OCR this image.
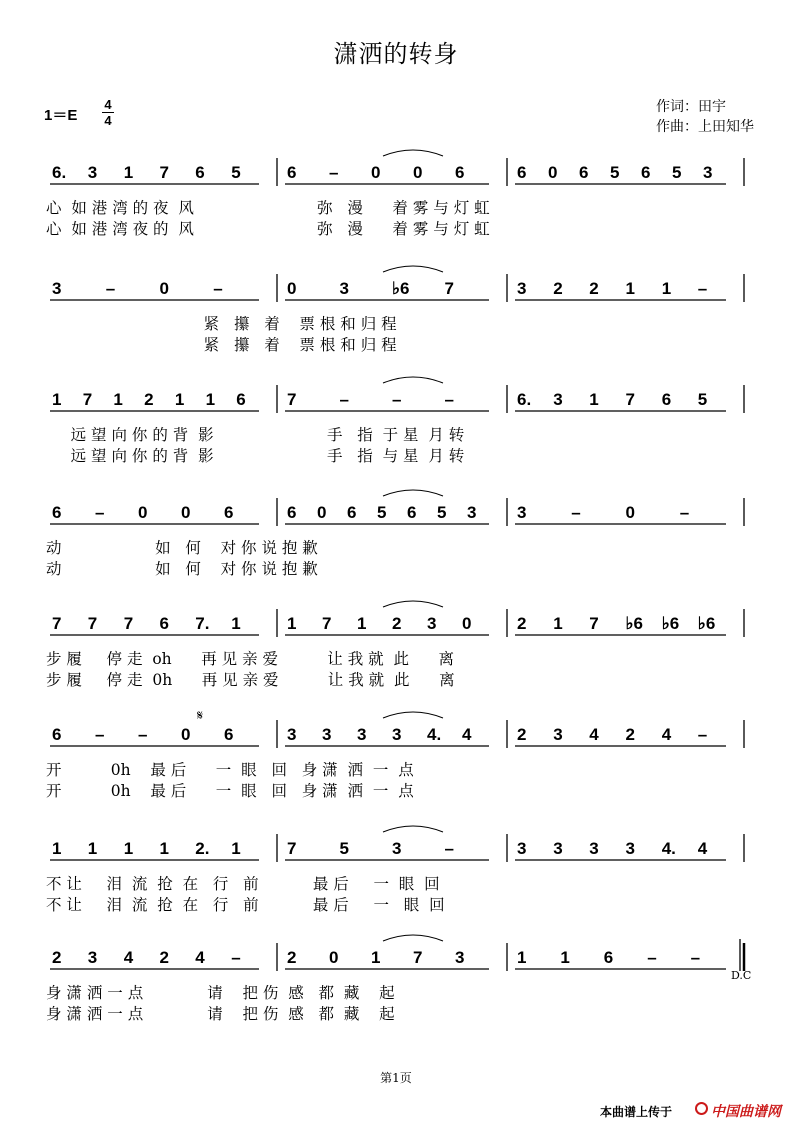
潇洒的转身
1＝E
4
4
作词：田宇
作曲：上田知华
6. 3 1 7 6 5	6 – 0 0 6	6 0 6 5 6 5 3
心  如 港 湾 的 夜  风                         弥   漫      着 雾 与 灯 虹
心  如 港 湾 夜 的  风                         弥   漫      着 雾 与 灯 虹
3	–	0	–	0	3	♭6 7	3 2 2 1 1 –
紧   攥   着    票 根 和 归 程
紧   攥   着    票 根 和 归 程
1 7 1 2 1 1 6 7	–	–	–	6. 3 1 7 6 5
远 望 向 你 的 背  影                       手   指  于 星  月 转
远 望 向 你 的 背  影                       手   指  与 星  月 转
6 – 0 0 6	6 0 6 5 6 5 3 3	–	0	–
动                   如   何    对 你 说 抱 歉
动                   如   何    对 你 说 抱 歉
7 7 7 6 7. 1	1 7 1 2 3 0	2 1 7 ♭6 ♭6 ♭6
步 履     停 走  oh      再 见 亲 爱          让 我 就  此      离
步 履     停 走  0h      再 见 亲 爱          让 我 就  此      离
6 – – 0 6	3 3 3 3 4. 4	2 3 4 2 4 –
𝄋
开          0h    最 后      一  眼   回   身 潇  洒  一  点
开          0h    最 后      一  眼   回   身 潇  洒  一  点
1 1 1 1 2. 1	7	5	3	–	3 3 3 3 4. 4
不 让     泪  流  抢  在   行   前           最 后     一  眼  回
不 让     泪  流  抢  在   行   前           最 后     一   眼  回
2 3 4 2 4 –	2 0 1 7 3	1 1 6 – –
身 潇 洒 一 点             请    把 伤  感   都  藏    起
身 潇 洒 一 点             请    把 伤  感   都  藏    起
D.C
第1页
本曲谱上传于	中国曲谱网
